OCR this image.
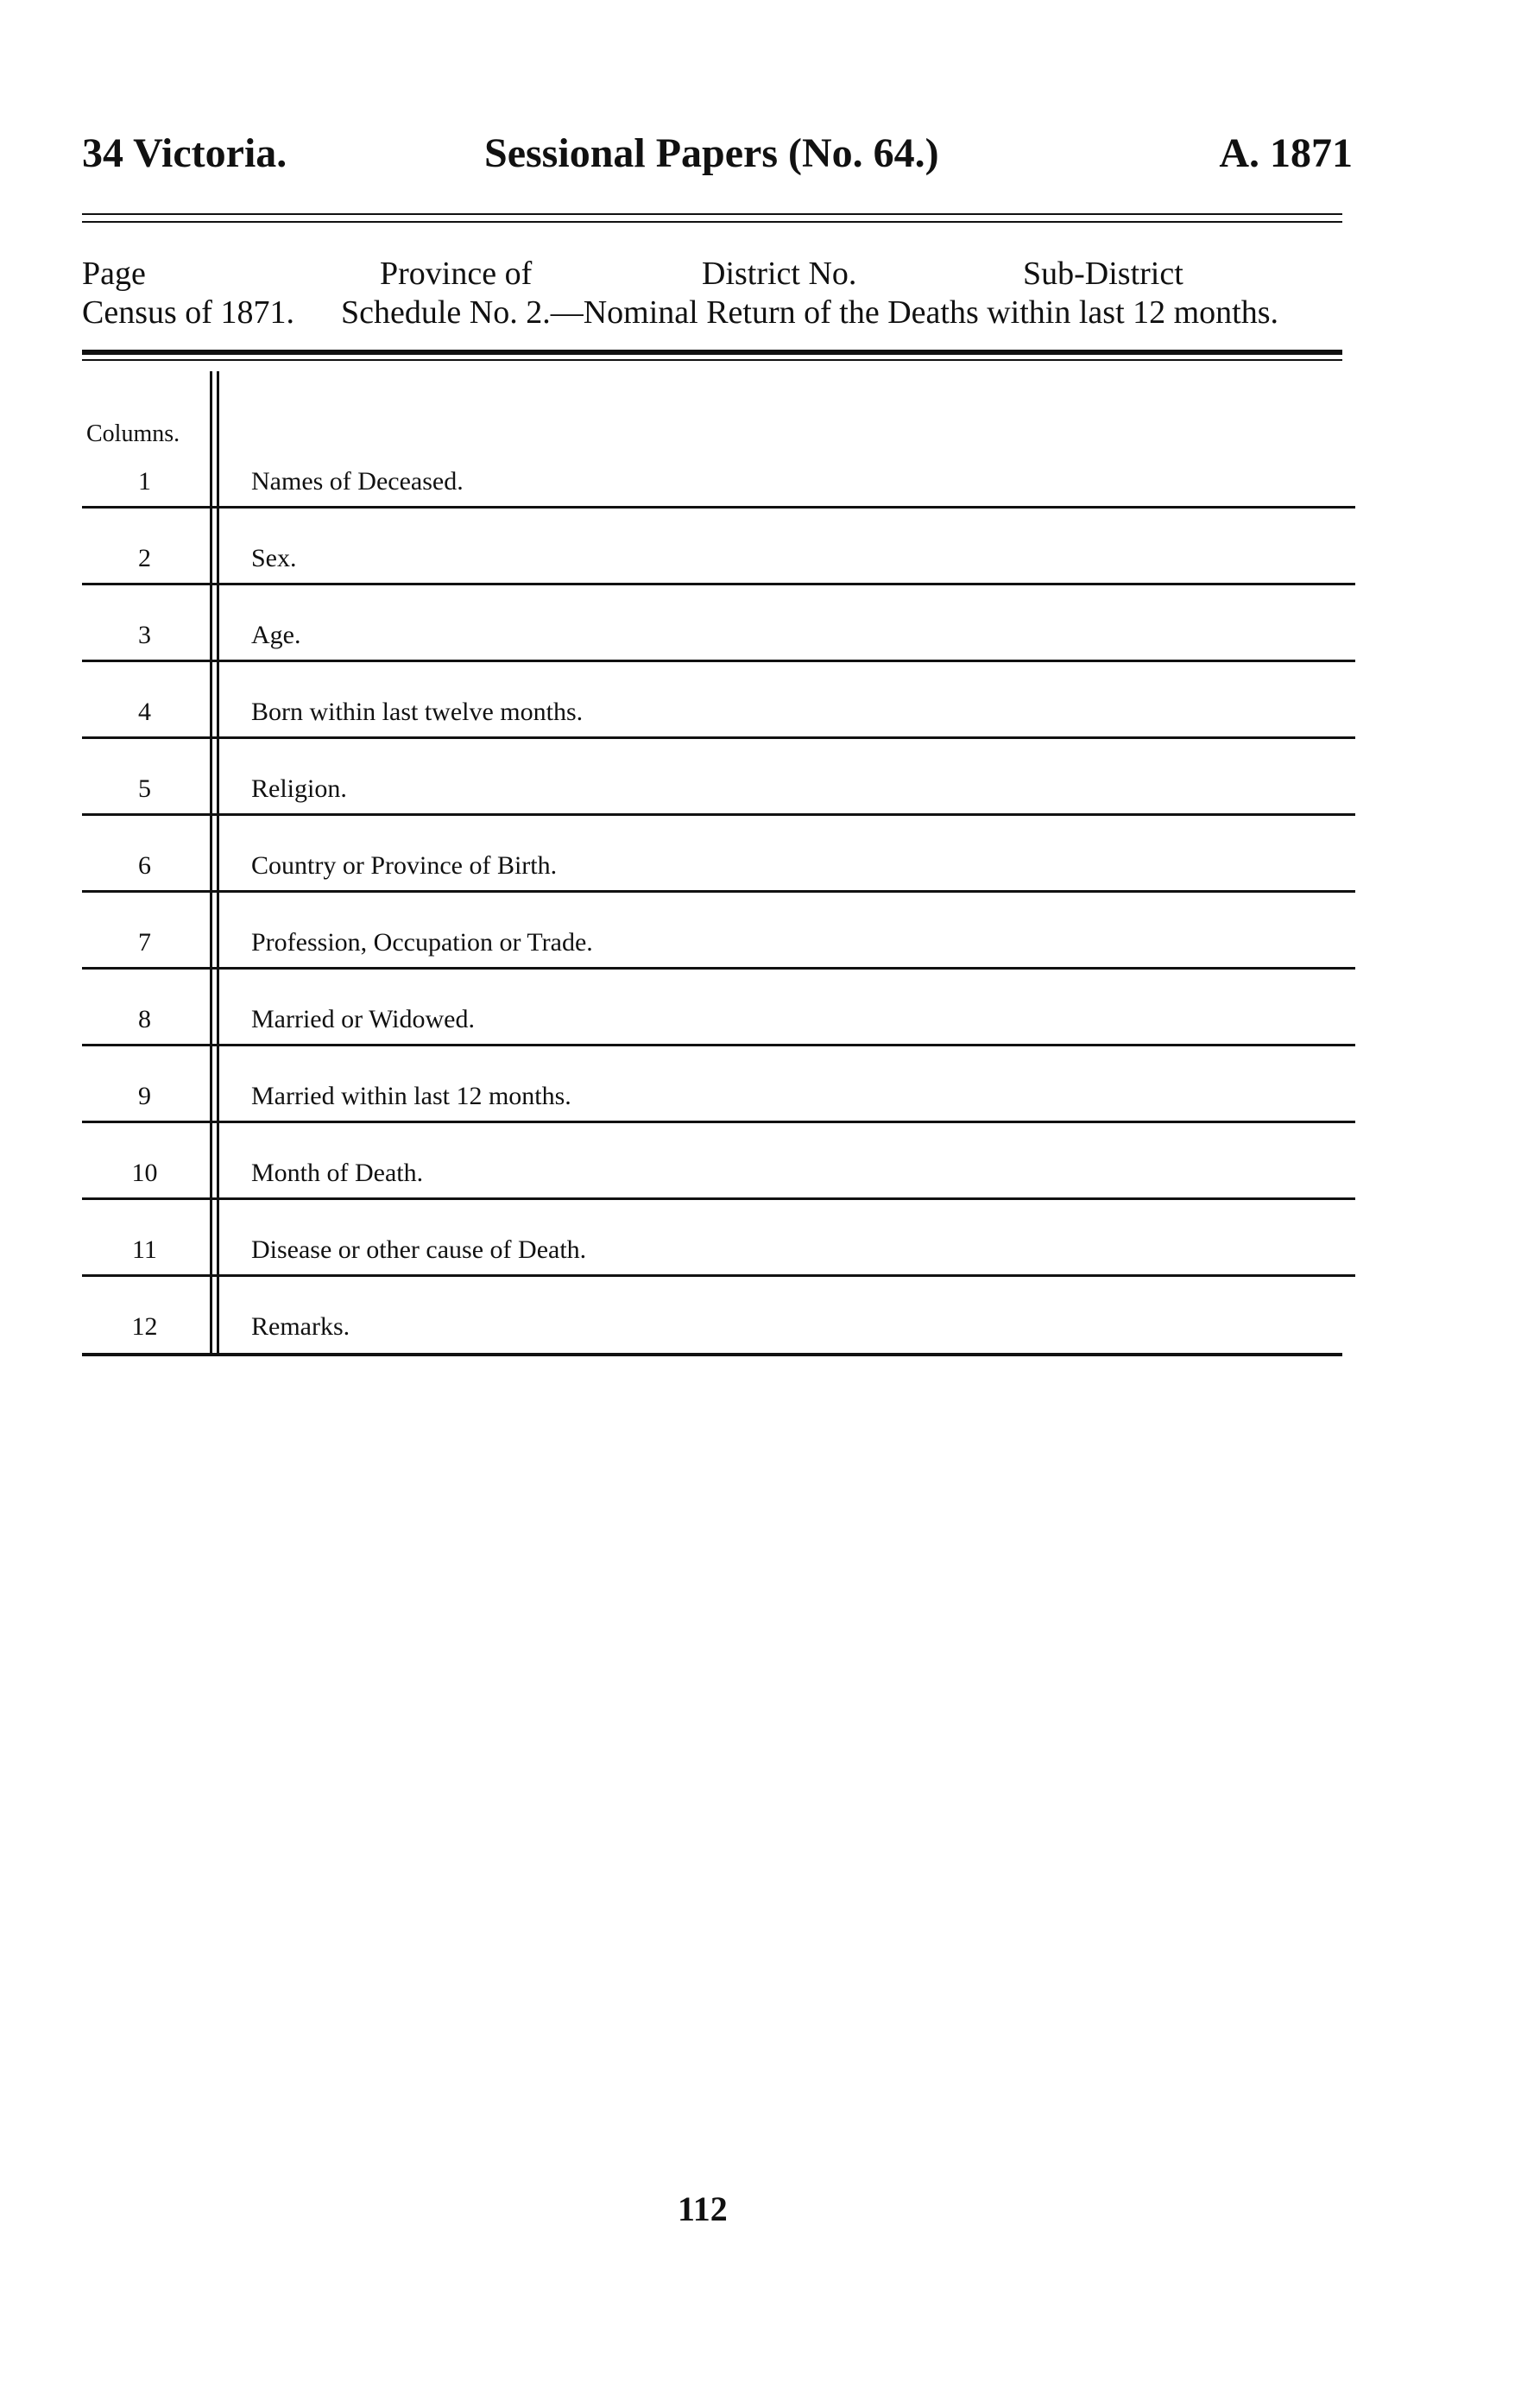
34 Victoria.	Sessional Papers (No. 64.)	A. 1871
Page	Province of	District No.	Sub-District
Census of 1871. Schedule No. 2.—Nominal Return of the Deaths within last 12 months.
Columns.
1	Names of Deceased.
2	Sex.
3	Age.
4	Born within last twelve months.
5	Religion.
6	Country or Province of Birth.
7	Profession, Occupation or Trade.
8	Married or Widowed.
9	Married within last 12 months.
10	Month of Death.
11	Disease or other cause of Death.
12	Remarks.
112
